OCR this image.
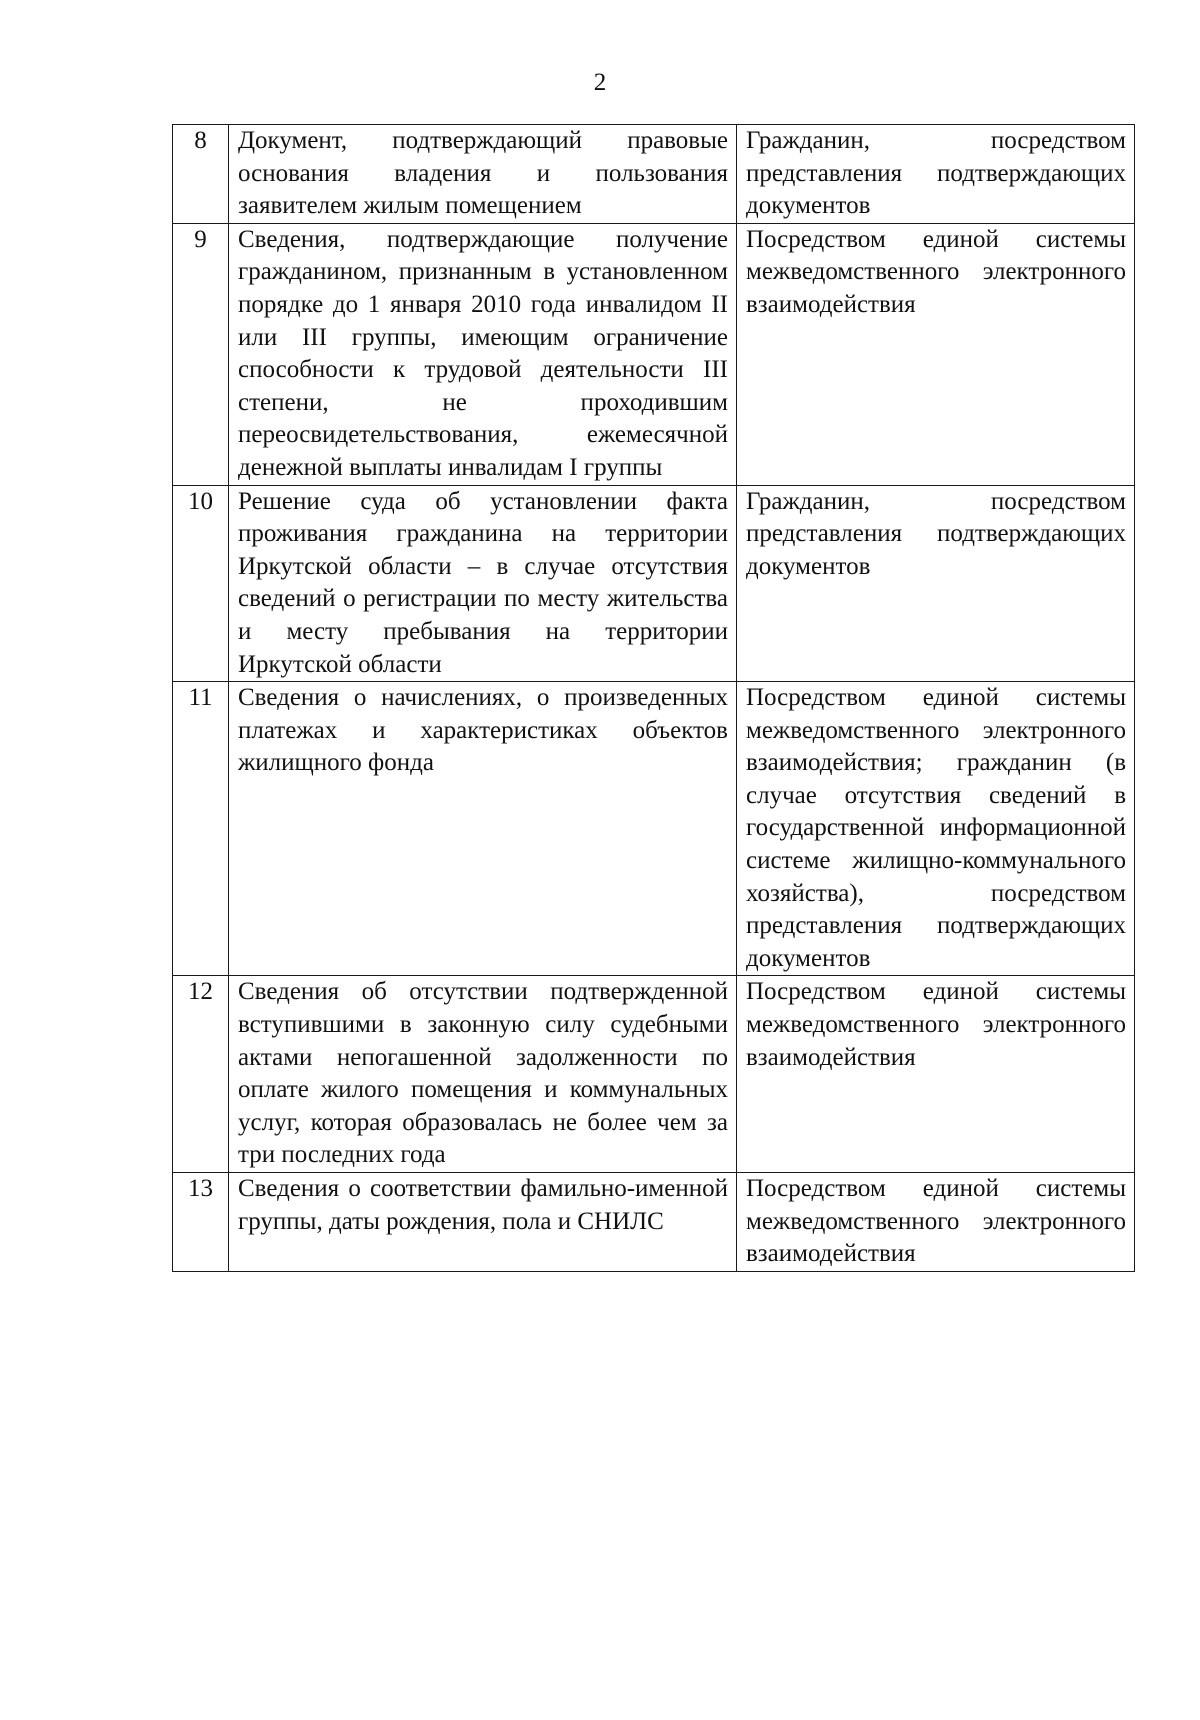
2
8	Документ, подтверждающий правовые основания владения и пользования заявителем жилым помещением	Гражданин, посредством представления подтверждающих документов
9	Сведения, подтверждающие получение гражданином, признанным в установленном порядке до 1 января 2010 года инвалидом II или III группы, имеющим ограничение способности к трудовой деятельности III степени, не проходившим переосвидетельствования, ежемесячной денежной выплаты инвалидам I группы	Посредством единой системы межведомственного электронного взаимодействия
10	Решение суда об установлении факта проживания гражданина на территории Иркутской области – в случае отсутствия сведений о регистрации по месту жительства и месту пребывания на территории Иркутской области	Гражданин, посредством представления подтверждающих документов
11	Сведения о начислениях, о произведенных платежах и характеристиках объектов жилищного фонда	Посредством единой системы межведомственного электронного взаимодействия; гражданин (в случае отсутствия сведений в государственной информационной системе жилищно-коммунального хозяйства), посредством представления подтверждающих документов
12	Сведения об отсутствии подтвержденной вступившими в законную силу судебными актами непогашенной задолженности по оплате жилого помещения и коммунальных услуг, которая образовалась не более чем за три последних года	Посредством единой системы межведомственного электронного взаимодействия
13	Сведения о соответствии фамильно-именной группы, даты рождения, пола и СНИЛС	Посредством единой системы межведомственного электронного взаимодействия
